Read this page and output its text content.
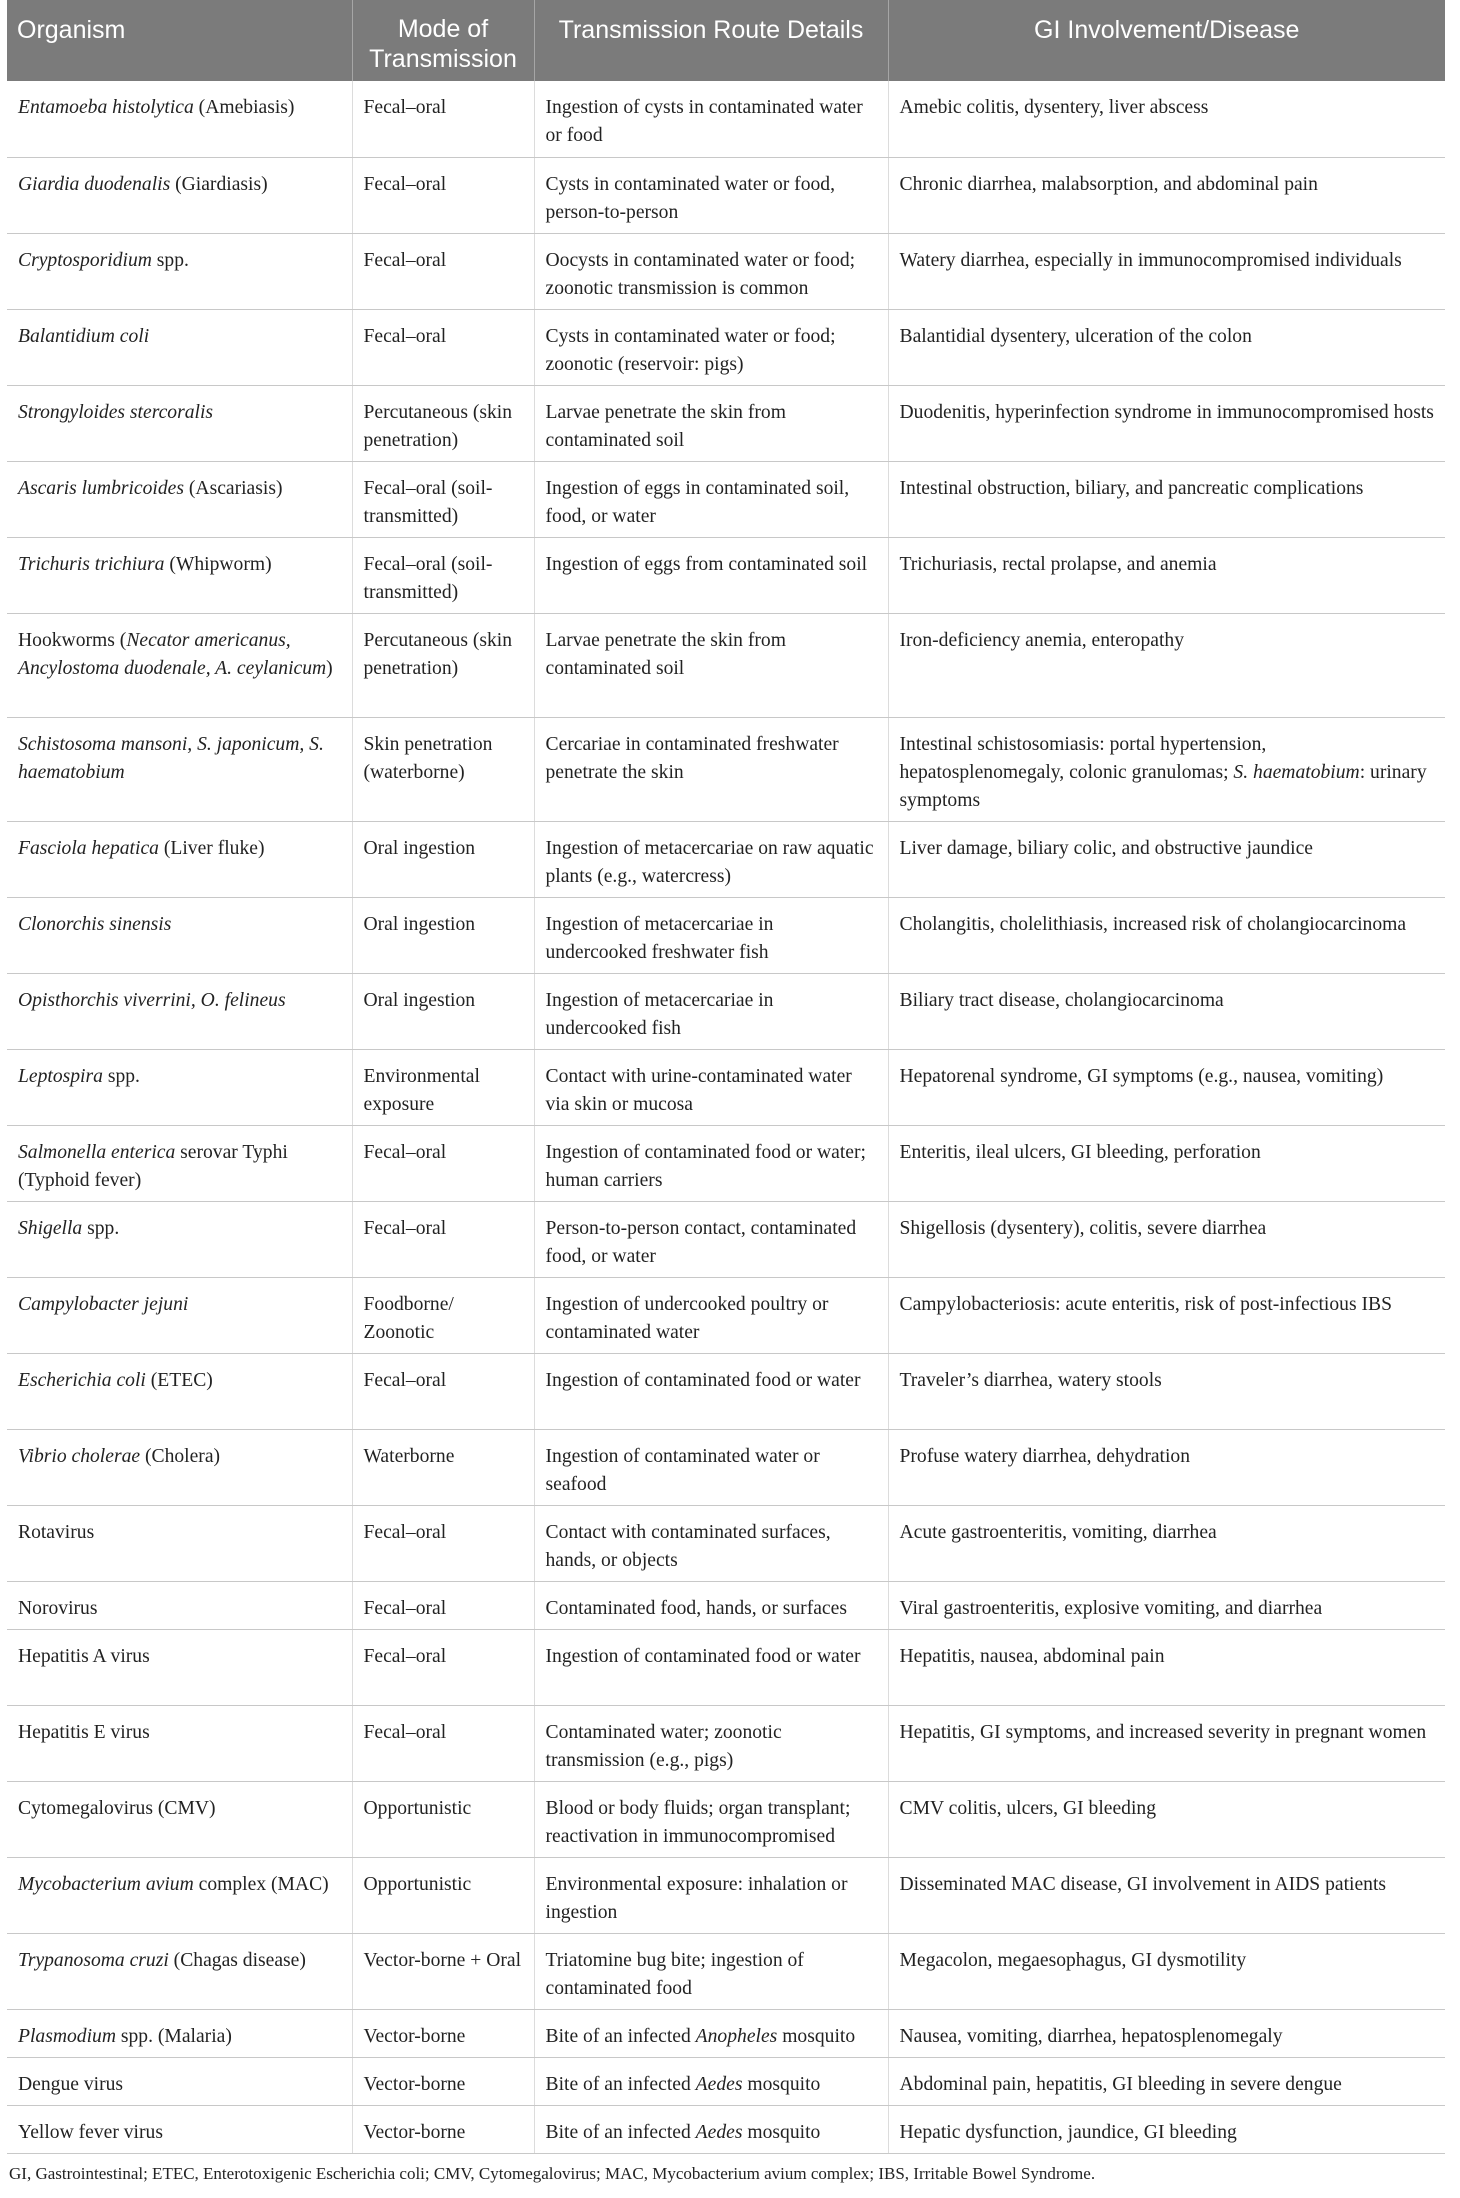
Organism	Mode of Transmission	Transmission Route Details	GI Involvement/Disease
Entamoeba histolytica (Amebiasis)	Fecal–oral	Ingestion of cysts in contaminated water or food	Amebic colitis, dysentery, liver abscess
Giardia duodenalis (Giardiasis)	Fecal–oral	Cysts in contaminated water or food, person-to-person	Chronic diarrhea, malabsorption, and abdominal pain
Cryptosporidium spp.	Fecal–oral	Oocysts in contaminated water or food; zoonotic transmission is common	Watery diarrhea, especially in immunocompromised individuals
Balantidium coli	Fecal–oral	Cysts in contaminated water or food; zoonotic (reservoir: pigs)	Balantidial dysentery, ulceration of the colon
Strongyloides stercoralis	Percutaneous (skin penetration)	Larvae penetrate the skin from contaminated soil	Duodenitis, hyperinfection syndrome in immunocompromised hosts
Ascaris lumbricoides (Ascariasis)	Fecal–oral (soil-transmitted)	Ingestion of eggs in contaminated soil, food, or water	Intestinal obstruction, biliary, and pancreatic complications
Trichuris trichiura (Whipworm)	Fecal–oral (soil-transmitted)	Ingestion of eggs from contaminated soil	Trichuriasis, rectal prolapse, and anemia
Hookworms (Necator americanus, Ancylostoma duodenale, A. ceylanicum)	Percutaneous (skin penetration)	Larvae penetrate the skin from contaminated soil	Iron-deficiency anemia, enteropathy
Schistosoma mansoni, S. japonicum, S. haematobium	Skin penetration (waterborne)	Cercariae in contaminated freshwater penetrate the skin	Intestinal schistosomiasis: portal hypertension, hepatosplenomegaly, colonic granulomas; S. haematobium: urinary symptoms
Fasciola hepatica (Liver fluke)	Oral ingestion	Ingestion of metacercariae on raw aquatic plants (e.g., watercress)	Liver damage, biliary colic, and obstructive jaundice
Clonorchis sinensis	Oral ingestion	Ingestion of metacercariae in undercooked freshwater fish	Cholangitis, cholelithiasis, increased risk of cholangiocarcinoma
Opisthorchis viverrini, O. felineus	Oral ingestion	Ingestion of metacercariae in undercooked fish	Biliary tract disease, cholangiocarcinoma
Leptospira spp.	Environmental exposure	Contact with urine-contaminated water via skin or mucosa	Hepatorenal syndrome, GI symptoms (e.g., nausea, vomiting)
Salmonella enterica serovar Typhi (Typhoid fever)	Fecal–oral	Ingestion of contaminated food or water; human carriers	Enteritis, ileal ulcers, GI bleeding, perforation
Shigella spp.	Fecal–oral	Person-to-person contact, contaminated food, or water	Shigellosis (dysentery), colitis, severe diarrhea
Campylobacter jejuni	Foodborne/ Zoonotic	Ingestion of undercooked poultry or contaminated water	Campylobacteriosis: acute enteritis, risk of post-infectious IBS
Escherichia coli (ETEC)	Fecal–oral	Ingestion of contaminated food or water	Traveler’s diarrhea, watery stools
Vibrio cholerae (Cholera)	Waterborne	Ingestion of contaminated water or seafood	Profuse watery diarrhea, dehydration
Rotavirus	Fecal–oral	Contact with contaminated surfaces, hands, or objects	Acute gastroenteritis, vomiting, diarrhea
Norovirus	Fecal–oral	Contaminated food, hands, or surfaces	Viral gastroenteritis, explosive vomiting, and diarrhea
Hepatitis A virus	Fecal–oral	Ingestion of contaminated food or water	Hepatitis, nausea, abdominal pain
Hepatitis E virus	Fecal–oral	Contaminated water; zoonotic transmission (e.g., pigs)	Hepatitis, GI symptoms, and increased severity in pregnant women
Cytomegalovirus (CMV)	Opportunistic	Blood or body fluids; organ transplant; reactivation in immunocompromised	CMV colitis, ulcers, GI bleeding
Mycobacterium avium complex (MAC)	Opportunistic	Environmental exposure: inhalation or ingestion	Disseminated MAC disease, GI involvement in AIDS patients
Trypanosoma cruzi (Chagas disease)	Vector-borne + Oral	Triatomine bug bite; ingestion of contaminated food	Megacolon, megaesophagus, GI dysmotility
Plasmodium spp. (Malaria)	Vector-borne	Bite of an infected Anopheles mosquito	Nausea, vomiting, diarrhea, hepatosplenomegaly
Dengue virus	Vector-borne	Bite of an infected Aedes mosquito	Abdominal pain, hepatitis, GI bleeding in severe dengue
Yellow fever virus	Vector-borne	Bite of an infected Aedes mosquito	Hepatic dysfunction, jaundice, GI bleeding
GI, Gastrointestinal; ETEC, Enterotoxigenic Escherichia coli; CMV, Cytomegalovirus; MAC, Mycobacterium avium complex; IBS, Irritable Bowel Syndrome.
